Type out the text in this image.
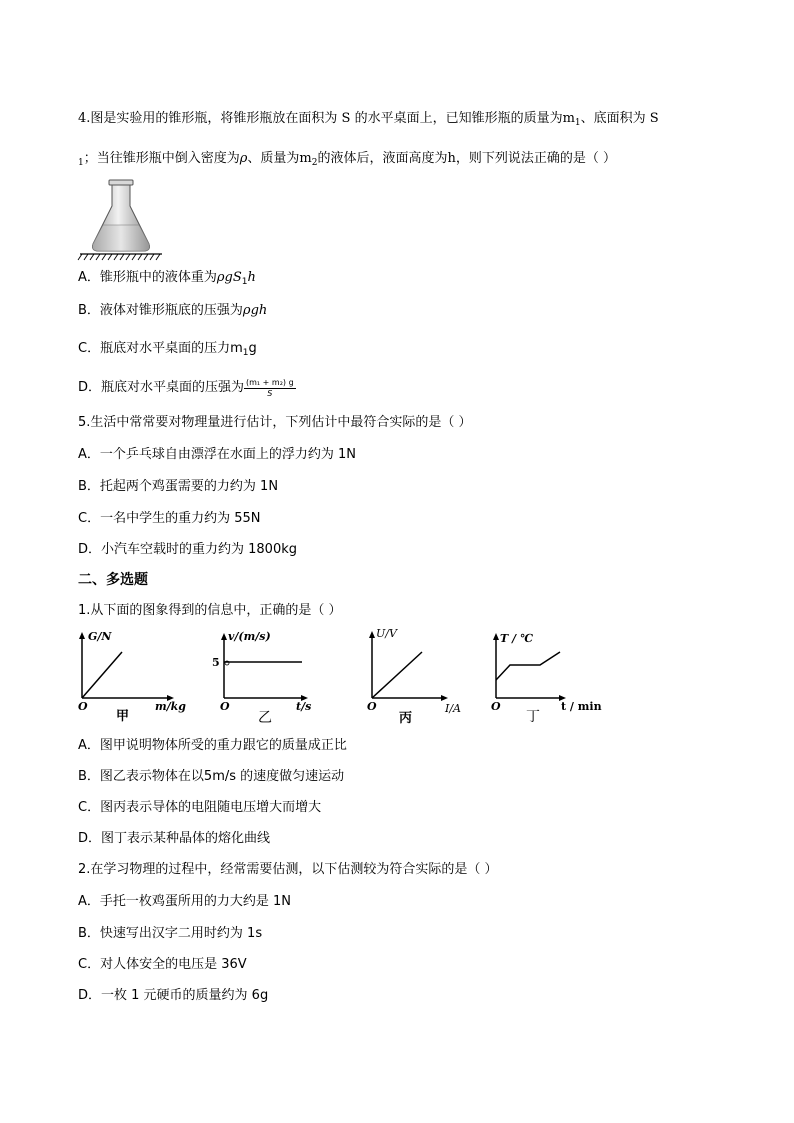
4.图是实验用的锥形瓶，将锥形瓶放在面积为 S 的水平桌面上，已知锥形瓶的质量为$m_1$、底面积为 S
$_1$；当往锥形瓶中倒入密度为ρ、质量为$m_2$的液体后，液面高度为h，则下列说法正确的是（ ）
A．锥形瓶中的液体重为ρgS$_1$h
B．液体对锥形瓶底的压强为ρgh
C．瓶底对水平桌面的压力$m_1g$
D．瓶底对水平桌面的压强为 $\frac{\text{(m₁ + m₂) g}}{S}$
5.生活中常常要对物理量进行估计，下列估计中最符合实际的是（ ）
A．一个乒乓球自由漂浮在水面上的浮力约为 1N
B．托起两个鸡蛋需要的力约为 1N
C．一名中学生的重力约为 55N
D．小汽车空载时的重力约为 1800kg
二、多选题
1.从下面的图象得到的信息中，正确的是（ ）
G/N
m/kg
O
甲
v/(m/s)
5
t/s
O
乙
U/V
I/A
O
丙
T / ℃
t / min
O
丁
A．图甲说明物体所受的重力跟它的质量成正比
B．图乙表示物体在以5m/s 的速度做匀速运动
C．图丙表示导体的电阻随电压增大而增大
D．图丁表示某种晶体的熔化曲线
2.在学习物理的过程中，经常需要估测，以下估测较为符合实际的是（ ）
A．手托一枚鸡蛋所用的力大约是 1N
B．快速写出汉字二用时约为 1s
C．对人体安全的电压是 36V
D．一枚 1 元硬币的质量约为 6g
